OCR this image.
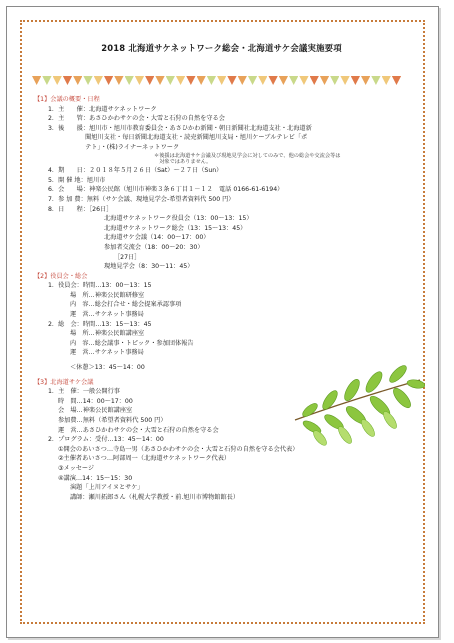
2018 北海道サケネットワーク総会・北海道サケ会議実施要項
【1】会議の概要・日程
1．主　　催：北海道サケネットワーク
2．主　　管：あさひかわサケの会・大雪と石狩の自然を守る会
3．後　　援：旭川市・旭川市教育委員会・あさひかわ新聞・朝日新聞社北海道支社・北海道新
　　　　　　聞旭川支社・毎日新聞北海道支社・読売新聞旭川支局・旭川ケーブルテレビ「ポ
　　　　　　テト」・(株)ライナーネットワーク
＊後援は北海道サケ会議及び現地見学会に対してのみで、他の総会や交流会等は
　対象ではありません。
4．期　　日：２０１８年５月２６日（Sat）～２７日（Sun）
5．開 催 地：旭川市
6．会　　場：神楽公民館（旭川市神楽３条６丁目１－１２　電話 0166-61-6194）
7．参 加 費：無料（サケ会議、現地見学会-希望者資料代 500 円）
8．日　　程：［26日］
北海道サケネットワーク役員会（13：00～13：15）
北海道サケネットワーク総会（13：15～13：45）
北海道サケ会議（14：00～17：00）
参加者交流会（18：00～20：30）
［27日］
現地見学会（8：30～11：45）
【2】役員会・総会
1．役員会：時間…13：00～13：15
場　所…神楽公民館研修室
内　容…総会打合せ・総会提案承認事項
運　営…サケネット事務局
2．総　会：時間…13：15～13：45
場　所…神楽公民館講座室
内　容…総会議事・トピック・参加団体報告
運　営…サケネット事務局
＜休憩＞13：45～14：00
【3】北海道サケ会議
1．主　催：一般公開行事
時　間…14：00～17：00
会　場…神楽公民館講座室
参加費…無料（希望者資料代 500 円）
運　営…あさひかわサケの会・大雪と石狩の自然を守る会
2．プログラム：受付…13：45～14：00
①開会のあいさつ…寺島一男（あさひかわサケの会・大雪と石狩の自然を守る会代表）
②主催者あいさつ…阿部周一（北海道サケネットワーク代表）
③メッセージ
④講演…14：15～15：30
演題「上川アイヌとサケ」
講師：瀬川拓郎さん（札幌大学教授・前.旭川市博物館館長）
